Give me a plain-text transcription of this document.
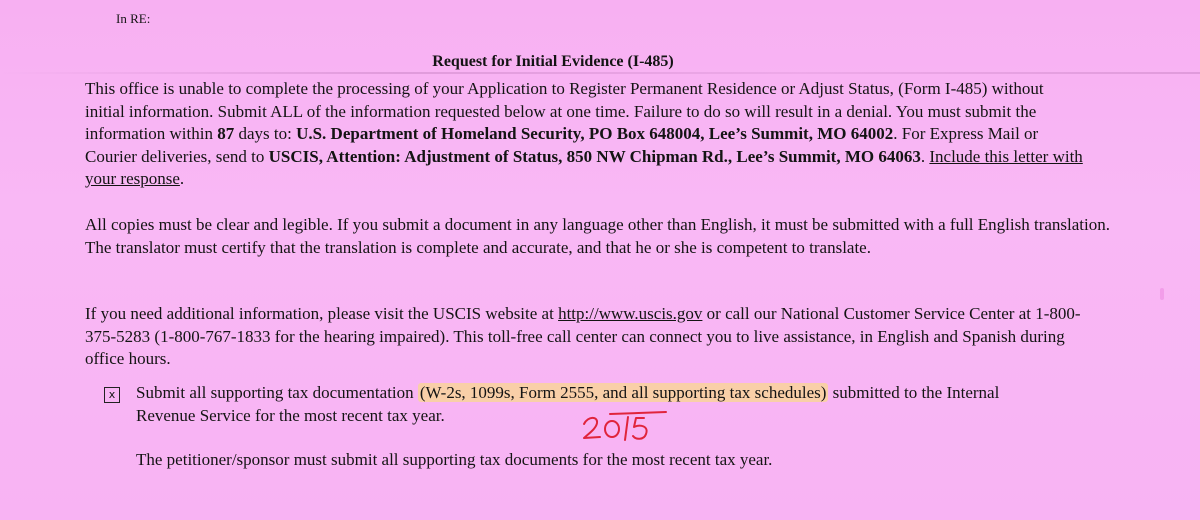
In RE:
Request for Initial Evidence (I-485)

This office is unable to complete the processing of your Application to Register Permanent Residence or Adjust Status, (Form I-485) without initial information. Submit ALL of the information requested below at one time. Failure to do so will result in a denial. You must submit the information within 87 days to: U.S. Department of Homeland Security, PO Box 648004, Lee’s Summit, MO 64002. For Express Mail or Courier deliveries, send to USCIS, Attention: Adjustment of Status, 850 NW Chipman Rd., Lee’s Summit, MO 64063. Include this letter with your response.

All copies must be clear and legible. If you submit a document in any language other than English, it must be submitted with a full English translation. The translator must certify that the translation is complete and accurate, and that he or she is competent to translate.

If you need additional information, please visit the USCIS website at http://www.uscis.gov or call our National Customer Service Center at 1-800-375-5283 (1-800-767-1833 for the hearing impaired). This toll-free call center can connect you to live assistance, in English and Spanish during office hours.

x Submit all supporting tax documentation (W-2s, 1099s, Form 2555, and all supporting tax schedules) submitted to the Internal Revenue Service for the most recent tax year.

The petitioner/sponsor must submit all supporting tax documents for the most recent tax year.
